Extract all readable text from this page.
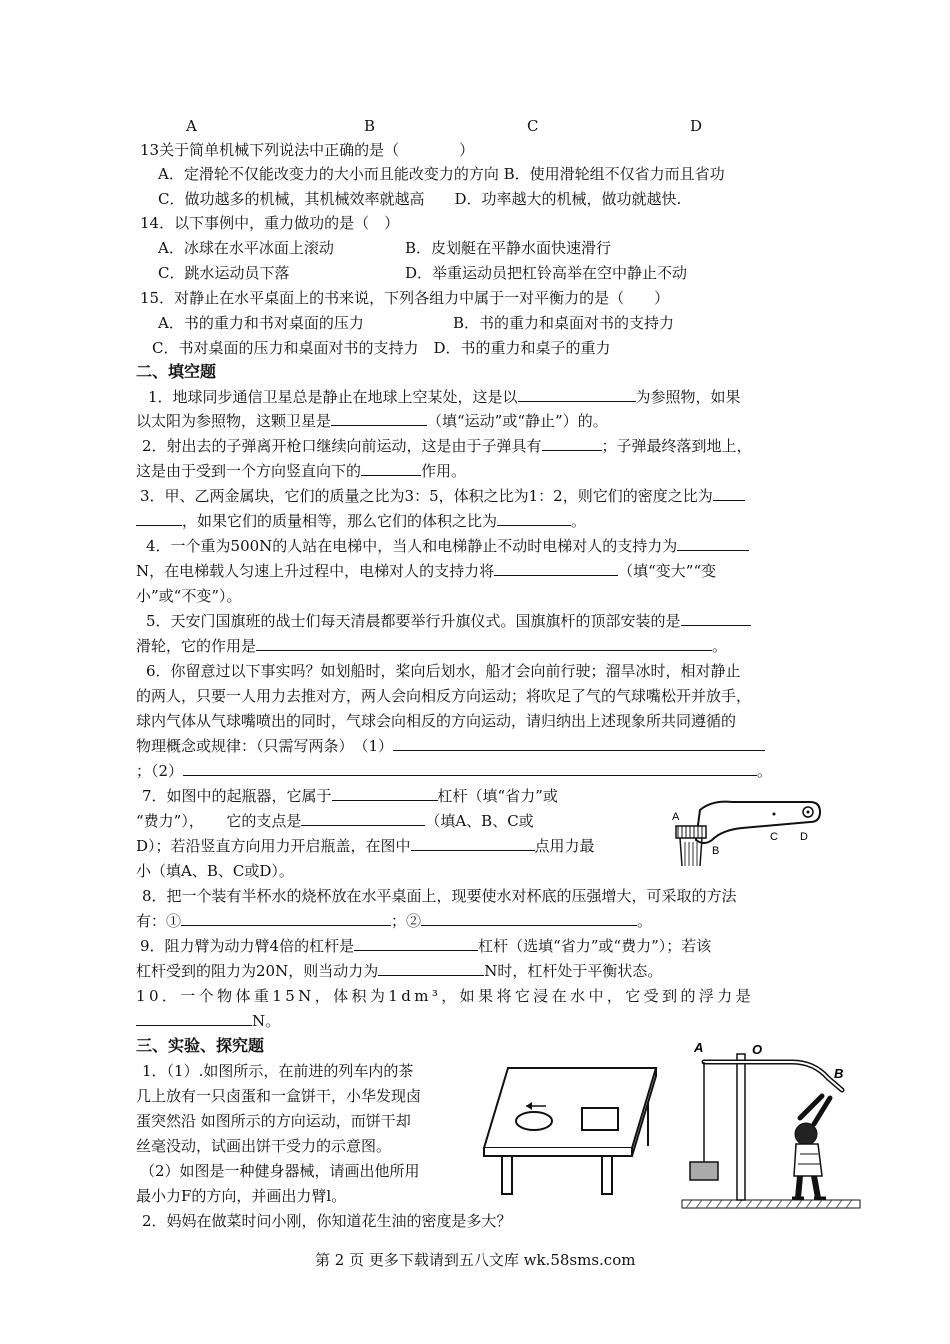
A	B	C	D
13关于简单机械下列说法中正确的是（　　　　）
A．定滑轮不仅能改变力的大小而且能改变力的方向 B．使用滑轮组不仅省力而且省功
C．做功越多的机械，其机械效率就越高　　D．功率越大的机械，做功就越快.
14．以下事例中，重力做功的是（　）
A．冰球在水平冰面上滚动	B．皮划艇在平静水面快速滑行
C．跳水运动员下落	D．举重运动员把杠铃高举在空中静止不动
15．对静止在水平桌面上的书来说，下列各组力中属于一对平衡力的是（　　）
A．书的重力和书对桌面的压力	B．书的重力和桌面对书的支持力
C．书对桌面的压力和桌面对书的支持力　D．书的重力和桌子的重力
二、填空题
1．地球同步通信卫星总是静止在地球上空某处，这是以	为参照物，如果
以太阳为参照物，这颗卫星是	（填“运动”或“静止”）的。
2．射出去的子弹离开枪口继续向前运动，这是由于子弹具有	；子弹最终落到地上，
这是由于受到一个方向竖直向下的	作用。
3．甲、乙两金属块，它们的质量之比为3：5，体积之比为1：2，则它们的密度之比为
，如果它们的质量相等，那么它们的体积之比为	。
4．一个重为500N的人站在电梯中，当人和电梯静止不动时电梯对人的支持力为
N，在电梯载人匀速上升过程中，电梯对人的支持力将	（填“变大”“变
小”或“不变”）。
5．天安门国旗班的战士们每天清晨都要举行升旗仪式。国旗旗杆的顶部安装的是
滑轮，它的作用是	。
6．你留意过以下事实吗？如划船时，桨向后划水，船才会向前行驶；溜旱冰时，相对静止
的两人，只要一人用力去推对方，两人会向相反方向运动；将吹足了气的气球嘴松开并放手，
球内气体从气球嘴喷出的同时，气球会向相反的方向运动，请归纳出上述现象所共同遵循的
物理概念或规律：（只需写两条）　（1）
；（2）	。
7．如图中的起瓶器，它属于	杠杆（填“省力”或
“费力”），　　它的支点是	（填A、B、C或
D）；若沿竖直方向用力开启瓶盖，在图中	点用力最
小（填A、B、C或D）。
8．把一个装有半杯水的烧杯放在水平桌面上，现要使水对杯底的压强增大，可采取的方法
有：①	；②	。
9．阻力臂为动力臂4倍的杠杆是	杠杆（选填“省力”或“费力”）；若该
杠杆受到的阻力为20N，则当动力为	N时，杠杆处于平衡状态。
10．一个物体重15N，体积为1dm³，如果将它浸在水中，它受到的浮力是
N。
三、实验、探究题
1．（1）.如图所示，在前进的列车内的茶
几上放有一只卤蛋和一盒饼干，小华发现卤
蛋突然沿 如图所示的方向运动，而饼干却
丝毫没动，试画出饼干受力的示意图。
（2）如图是一种健身器械，请画出他所用
最小力F的方向，并画出力臂l。
2．妈妈在做菜时问小刚，你知道花生油的密度是多大？
第 2 页 更多下载请到五八文库 wk.58sms.com
A
B
C D
A	O
B
